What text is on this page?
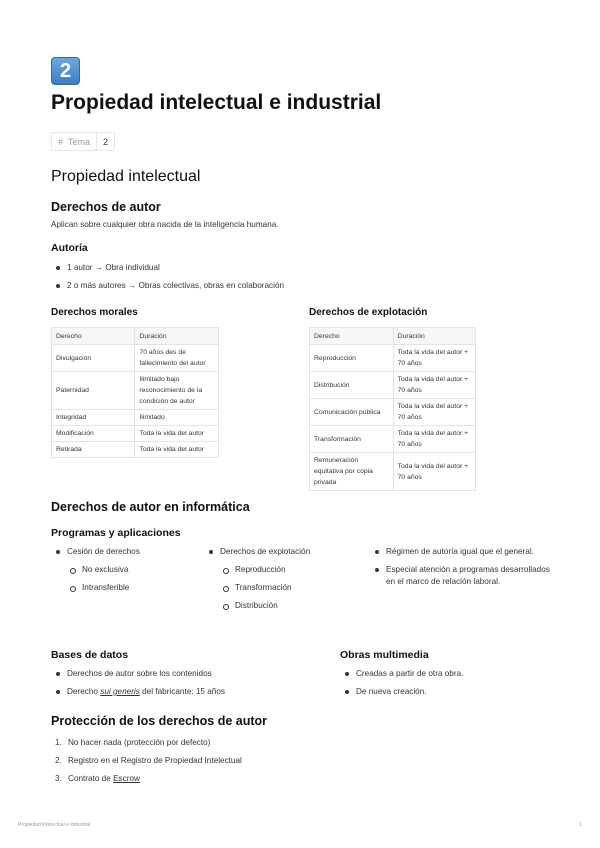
2
Propiedad intelectual e industrial
# Tema	2
Propiedad intelectual
Derechos de autor
Aplican sobre cualquier obra nacida de la inteligencia humana.
Autoría
1 autor → Obra individual
2 o más autores → Obras colectivas, obras en colaboración
Derechos morales
Derecho	Duración
Divulgación	70 años des de fallecimiento del autor
Paternidad	Ilimitado bajo reconocimiento de la condición de autor
Integridad	Ilimitado
Modificación	Toda la vida del autor
Retirada	Toda la vida del autor
Derechos de explotación
Derecho	Duración
Reproducción	Toda la vida del autor + 70 años
Distribución	Toda la vida del autor + 70 años
Comunicación pública	Toda la vida del autor + 70 años
Transformación	Toda la vida del autor + 70 años
Remuneración equitativa por copia privada	Toda la vida del autor + 70 años
Derechos de autor en informática
Programas y aplicaciones
Cesión de derechos
No exclusiva
Intransferible
Derechos de explotación
Reproducción
Transformación
Distribución
Régimen de autoría igual que el general.
Especial atención a programas desarrollados en el marco de relación laboral.
Bases de datos
Derechos de autor sobre los contenidos
Derecho sui generis del fabricante: 15 años
Obras multimedia
Creadas a partir de otra obra.
De nueva creación.
Protección de los derechos de autor
1. No hacer nada (protección por defecto)
2. Registro en el Registro de Propiedad Intelectual
3. Contrato de Escrow
Propiedad intelectual e industrial	1
